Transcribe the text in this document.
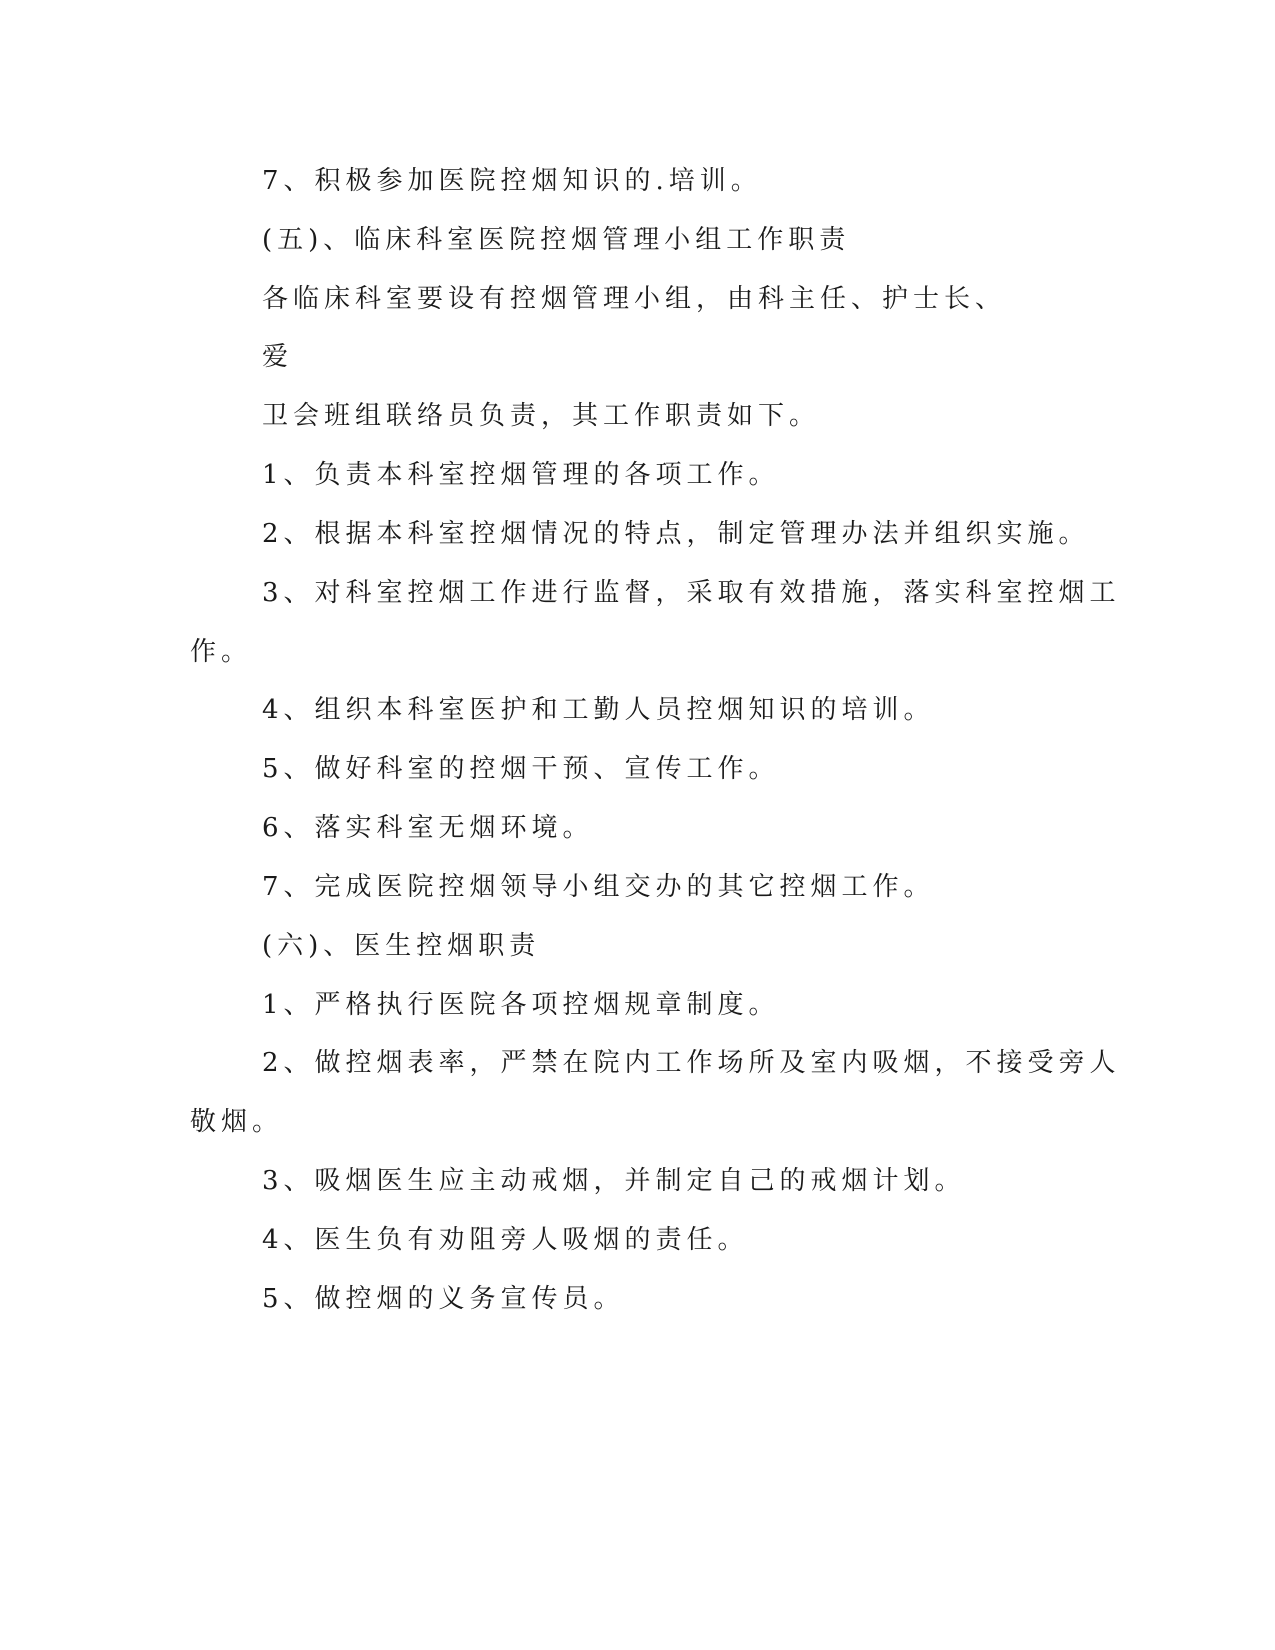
7、积极参加医院控烟知识的.培训。
(五)、临床科室医院控烟管理小组工作职责
各临床科室要设有控烟管理小组，由科主任、护士长、
爱
卫会班组联络员负责，其工作职责如下。
1、负责本科室控烟管理的各项工作。
2、根据本科室控烟情况的特点，制定管理办法并组织实施。
3、对科室控烟工作进行监督，采取有效措施，落实科室控烟工
作。
4、组织本科室医护和工勤人员控烟知识的培训。
5、做好科室的控烟干预、宣传工作。
6、落实科室无烟环境。
7、完成医院控烟领导小组交办的其它控烟工作。
(六)、医生控烟职责
1、严格执行医院各项控烟规章制度。
2、做控烟表率，严禁在院内工作场所及室内吸烟，不接受旁人
敬烟。
3、吸烟医生应主动戒烟，并制定自己的戒烟计划。
4、医生负有劝阻旁人吸烟的责任。
5、做控烟的义务宣传员。
